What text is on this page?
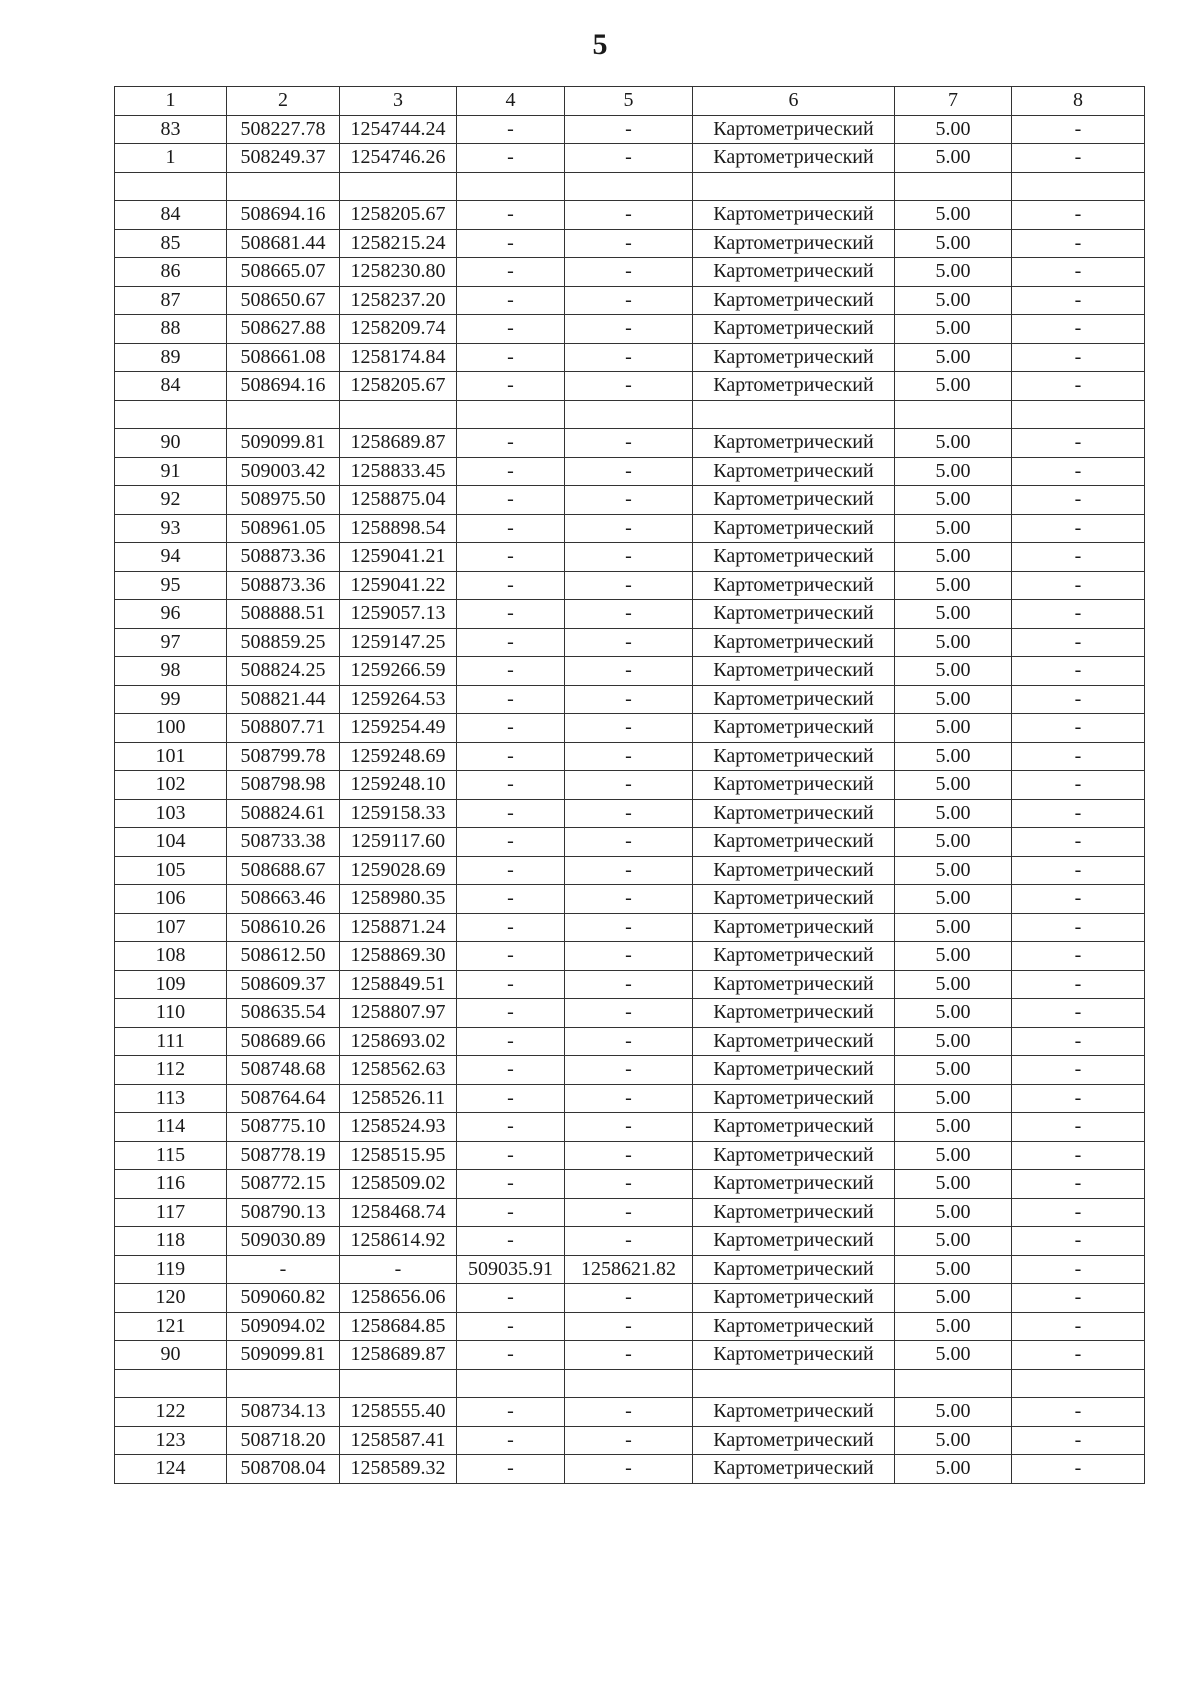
5
1	2	3	4	5	6	7	8
83	508227.78	1254744.24	-	-	Картометрический	5.00	-
1	508249.37	1254746.26	-	-	Картометрический	5.00	-

84	508694.16	1258205.67	-	-	Картометрический	5.00	-
85	508681.44	1258215.24	-	-	Картометрический	5.00	-
86	508665.07	1258230.80	-	-	Картометрический	5.00	-
87	508650.67	1258237.20	-	-	Картометрический	5.00	-
88	508627.88	1258209.74	-	-	Картометрический	5.00	-
89	508661.08	1258174.84	-	-	Картометрический	5.00	-
84	508694.16	1258205.67	-	-	Картометрический	5.00	-

90	509099.81	1258689.87	-	-	Картометрический	5.00	-
91	509003.42	1258833.45	-	-	Картометрический	5.00	-
92	508975.50	1258875.04	-	-	Картометрический	5.00	-
93	508961.05	1258898.54	-	-	Картометрический	5.00	-
94	508873.36	1259041.21	-	-	Картометрический	5.00	-
95	508873.36	1259041.22	-	-	Картометрический	5.00	-
96	508888.51	1259057.13	-	-	Картометрический	5.00	-
97	508859.25	1259147.25	-	-	Картометрический	5.00	-
98	508824.25	1259266.59	-	-	Картометрический	5.00	-
99	508821.44	1259264.53	-	-	Картометрический	5.00	-
100	508807.71	1259254.49	-	-	Картометрический	5.00	-
101	508799.78	1259248.69	-	-	Картометрический	5.00	-
102	508798.98	1259248.10	-	-	Картометрический	5.00	-
103	508824.61	1259158.33	-	-	Картометрический	5.00	-
104	508733.38	1259117.60	-	-	Картометрический	5.00	-
105	508688.67	1259028.69	-	-	Картометрический	5.00	-
106	508663.46	1258980.35	-	-	Картометрический	5.00	-
107	508610.26	1258871.24	-	-	Картометрический	5.00	-
108	508612.50	1258869.30	-	-	Картометрический	5.00	-
109	508609.37	1258849.51	-	-	Картометрический	5.00	-
110	508635.54	1258807.97	-	-	Картометрический	5.00	-
111	508689.66	1258693.02	-	-	Картометрический	5.00	-
112	508748.68	1258562.63	-	-	Картометрический	5.00	-
113	508764.64	1258526.11	-	-	Картометрический	5.00	-
114	508775.10	1258524.93	-	-	Картометрический	5.00	-
115	508778.19	1258515.95	-	-	Картометрический	5.00	-
116	508772.15	1258509.02	-	-	Картометрический	5.00	-
117	508790.13	1258468.74	-	-	Картометрический	5.00	-
118	509030.89	1258614.92	-	-	Картометрический	5.00	-
119	-	-	509035.91	1258621.82	Картометрический	5.00	-
120	509060.82	1258656.06	-	-	Картометрический	5.00	-
121	509094.02	1258684.85	-	-	Картометрический	5.00	-
90	509099.81	1258689.87	-	-	Картометрический	5.00	-

122	508734.13	1258555.40	-	-	Картометрический	5.00	-
123	508718.20	1258587.41	-	-	Картометрический	5.00	-
124	508708.04	1258589.32	-	-	Картометрический	5.00	-
